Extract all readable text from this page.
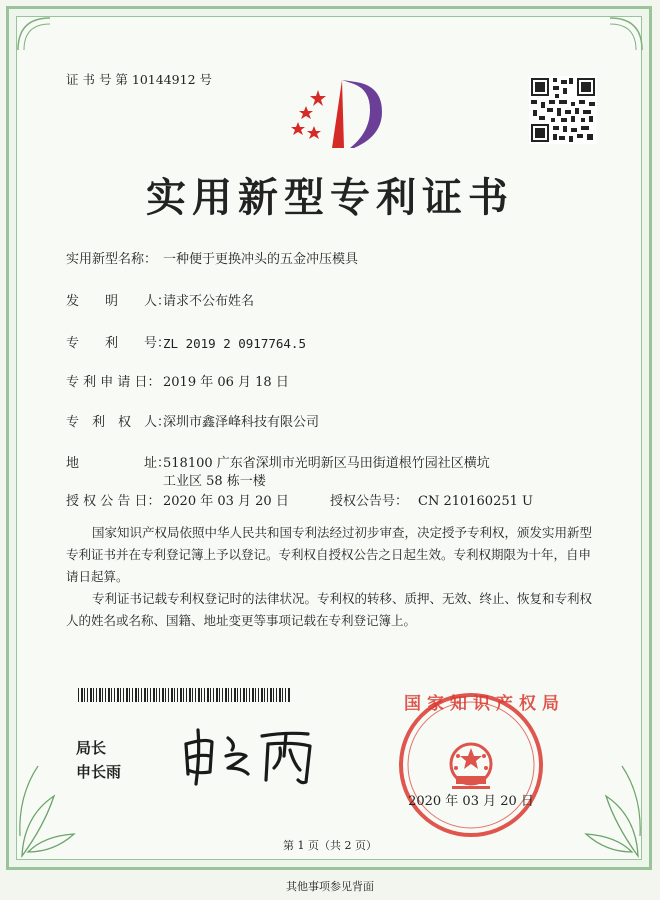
证 书 号 第 10144912 号
实用新型专利证书
实用新型名称： 一种便于更换冲头的五金冲压模具
发　　明　　人：
请求不公布姓名
专　　利　　号：
ZL 2019 2 0917764.5
专 利 申 请 日： 2019 年 06 月 18 日
专　利　权　人：
深圳市鑫泽峰科技有限公司
地　　　　　址：
518100 广东省深圳市光明新区马田街道根竹园社区横坑
工业区 58 栋一楼
授 权 公 告 日： 2020 年 03 月 20 日	授权公告号： CN 210160251 U
国家知识产权局依照中华人民共和国专利法经过初步审查，决定授予专利权，颁发实用新型专利证书并在专利登记簿上予以登记。专利权自授权公告之日起生效。专利权期限为十年，自申请日起算。
专利证书记载专利权登记时的法律状况。专利权的转移、质押、无效、终止、恢复和专利权人的姓名或名称、国籍、地址变更等事项记载在专利登记簿上。
局长
申长雨
国家知识产权局
2020 年 03 月 20 日
第 1 页（共 2 页）
其他事项参见背面
